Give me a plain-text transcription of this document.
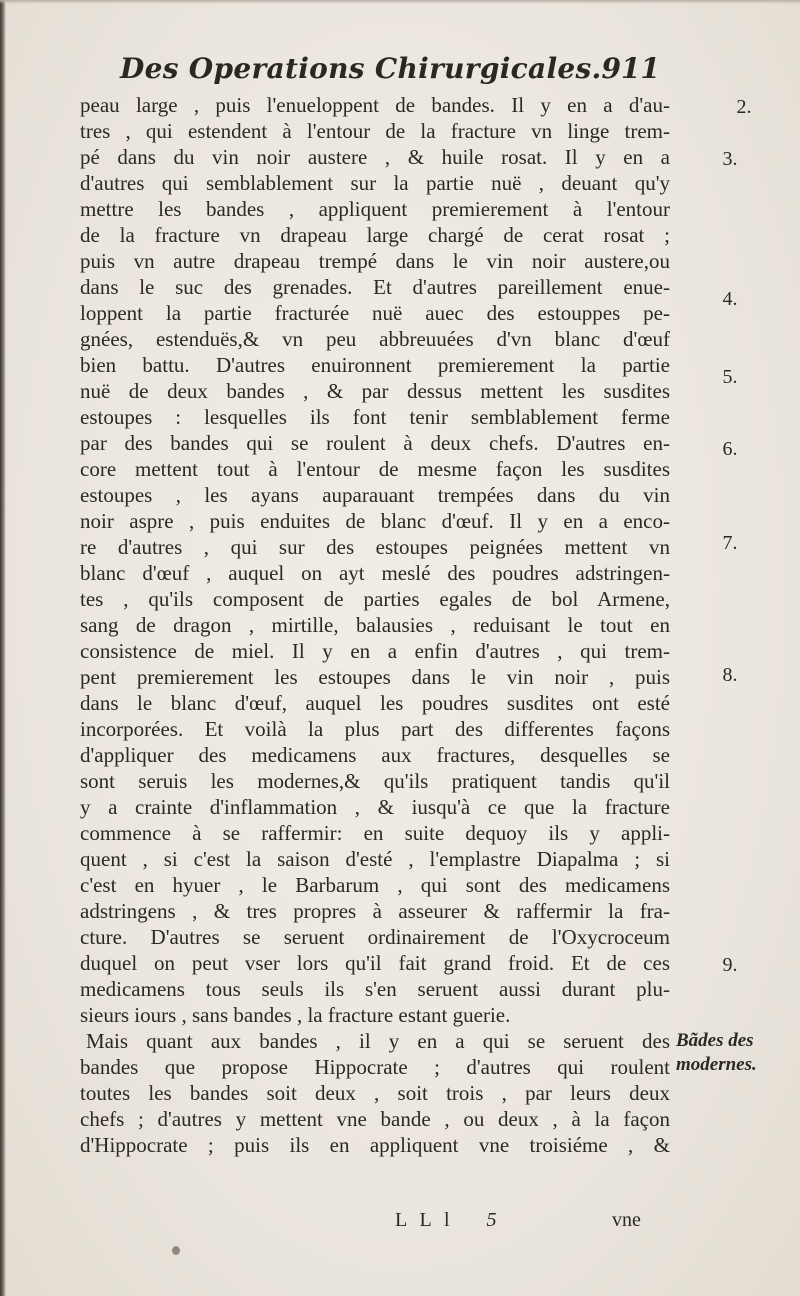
Des Operations Chirurgicales. 911
peau large , puis l'enueloppent de bandes. Il y en a d'au-
tres , qui estendent à l'entour de la fracture vn linge trem-
pé dans du vin noir austere , & huile rosat. Il y en a
d'autres qui semblablement sur la partie nuë , deuant qu'y
mettre les bandes , appliquent premierement à l'entour
de la fracture vn drapeau large chargé de cerat rosat ;
puis vn autre drapeau trempé dans le vin noir austere,ou
dans le suc des grenades. Et d'autres pareillement enue-
loppent la partie fracturée nuë auec des estouppes pe-
gnées, estenduës,& vn peu abbreuuées d'vn blanc d'œuf
bien battu. D'autres enuironnent premierement la partie
nuë de deux bandes , & par dessus mettent les susdites
estoupes : lesquelles ils font tenir semblablement ferme
par des bandes qui se roulent à deux chefs. D'autres en-
core mettent tout à l'entour de mesme façon les susdites
estoupes , les ayans auparauant trempées dans du vin
noir aspre , puis enduites de blanc d'œuf. Il y en a enco-
re d'autres , qui sur des estoupes peignées mettent vn
blanc d'œuf , auquel on ayt meslé des poudres adstringen-
tes , qu'ils composent de parties egales de bol Armene,
sang de dragon , mirtille, balausies , reduisant le tout en
consistence de miel. Il y en a enfin d'autres , qui trem-
pent premierement les estoupes dans le vin noir , puis
dans le blanc d'œuf, auquel les poudres susdites ont esté
incorporées. Et voilà la plus part des differentes façons
d'appliquer des medicamens aux fractures, desquelles se
sont seruis les modernes,& qu'ils pratiquent tandis qu'il
y a crainte d'inflammation , & iusqu'à ce que la fracture
commence à se raffermir: en suite dequoy ils y appli-
quent , si c'est la saison d'esté , l'emplastre Diapalma ; si
c'est en hyuer , le Barbarum , qui sont des medicamens
adstringens , & tres propres à asseurer & raffermir la fra-
cture. D'autres se seruent ordinairement de l'Oxycroceum
duquel on peut vser lors qu'il fait grand froid. Et de ces
medicamens tous seuls ils s'en seruent aussi durant plu-
sieurs iours , sans bandes , la fracture estant guerie.
Mais quant aux bandes , il y en a qui se seruent des
bandes que propose Hippocrate ; d'autres qui roulent
toutes les bandes soit deux , soit trois , par leurs deux
chefs ; d'autres y mettent vne bande , ou deux , à la façon
d'Hippocrate ; puis ils en appliquent vne troisiéme , &
2.
3.
4.
5.
6.
7.
8.
9.
Bãdes des
modernes.
L L l 5	vne
